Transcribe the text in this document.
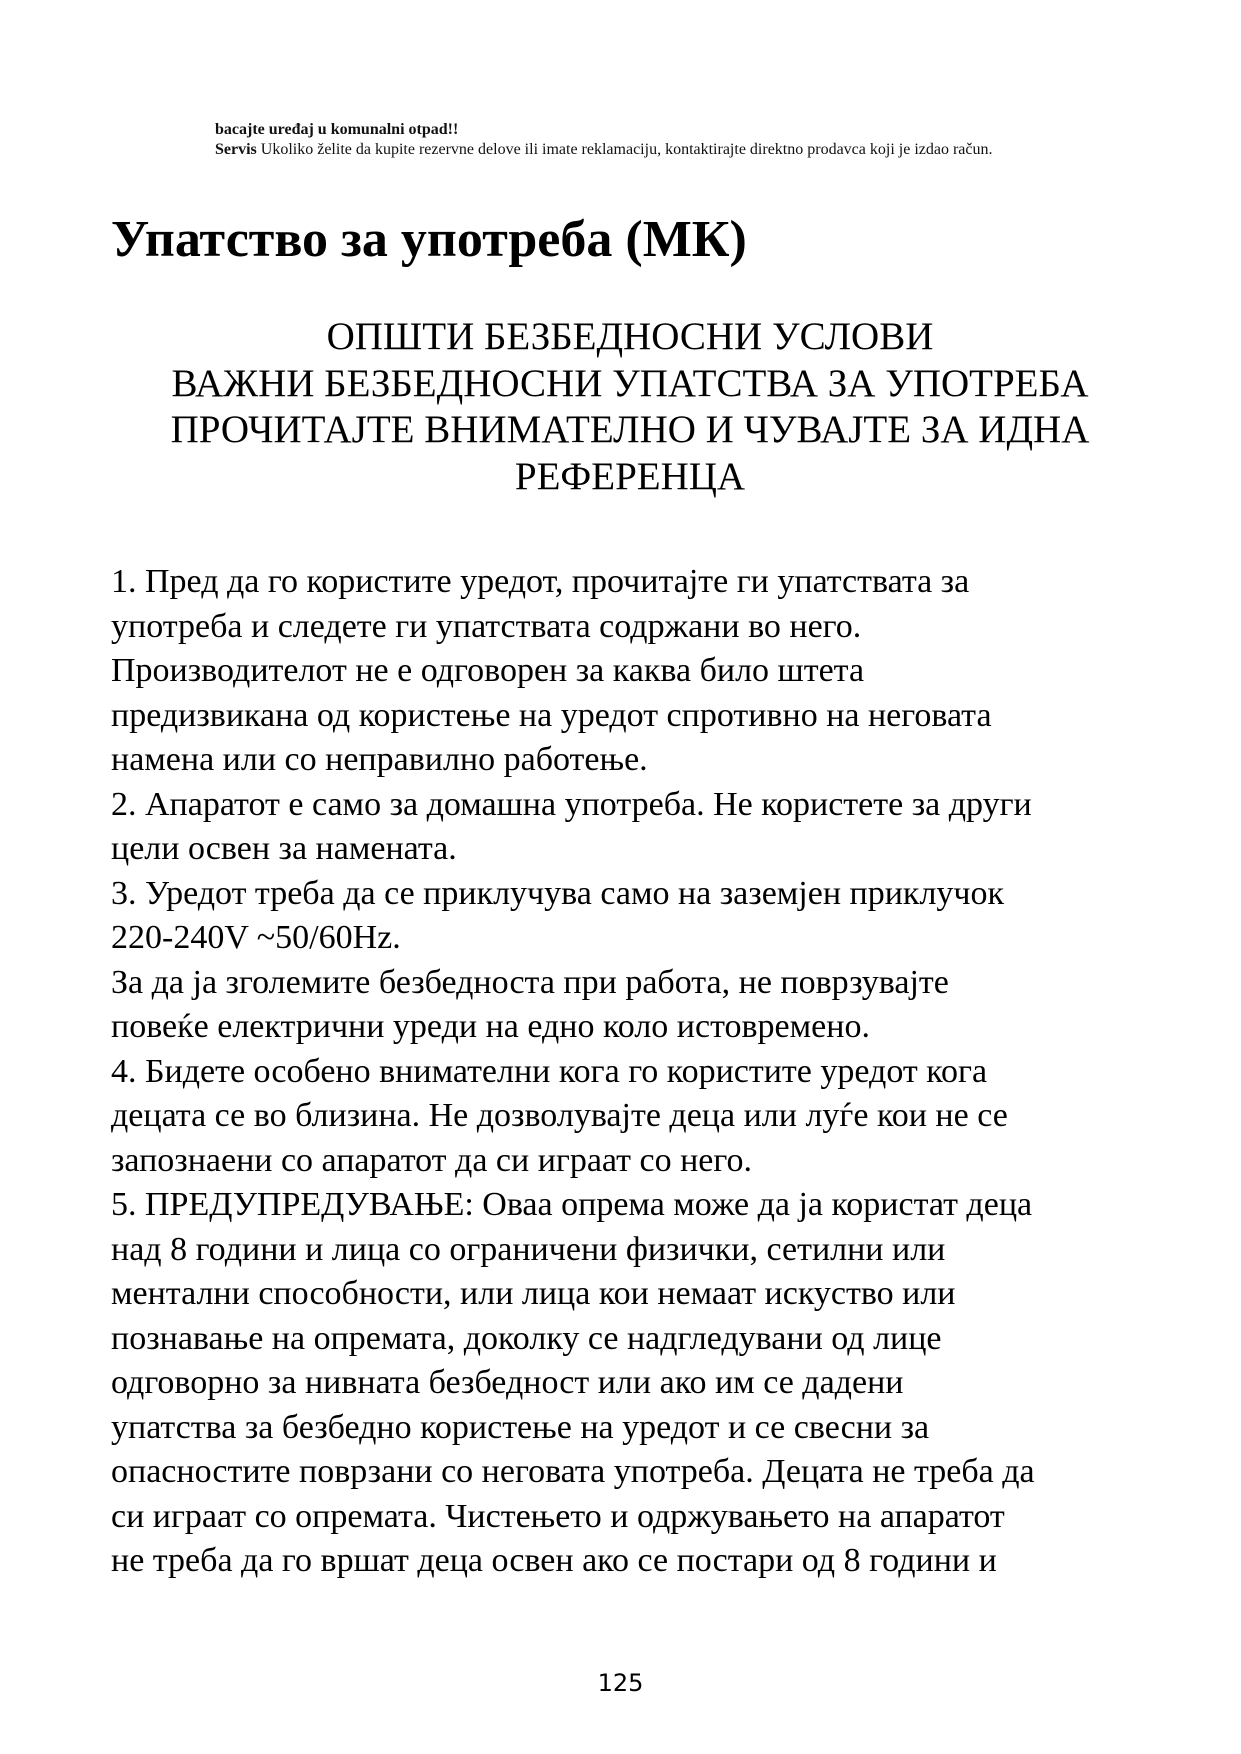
bacajte uređaj u komunalni otpad!!
Servis Ukoliko želite da kupite rezervne delove ili imate reklamaciju, kontaktirajte direktno prodavca koji je izdao račun.
Упатство за употреба (МК)
ОПШТИ БЕЗБЕДНОСНИ УСЛОВИ
ВАЖНИ БЕЗБЕДНОСНИ УПАТСТВА ЗА УПОТРЕБА
ПРОЧИТАЈТЕ ВНИМАТЕЛНО И ЧУВАЈТЕ ЗА ИДНА
РЕФЕРЕНЦА
1. Пред да го користите уредот, прочитајте ги упатствата за
употреба и следете ги упатствата содржани во него.
Производителот не е одговорен за каква било штета
предизвикана од користење на уредот спротивно на неговата
намена или со неправилно работење.
2. Апаратот е само за домашна употреба. Не користете за други
цели освен за намената.
3. Уредот треба да се приклучува само на заземјен приклучок
220-240V ~50/60Hz.
За да ја зголемите безбедноста при работа, не поврзувајте
повеќе електрични уреди на едно коло истовремено.
4. Бидете особено внимателни кога го користите уредот кога
децата се во близина. Не дозволувајте деца или луѓе кои не се
запознаени со апаратот да си играат со него.
5. ПРЕДУПРЕДУВАЊЕ: Оваа опрема може да ја користат деца
над 8 години и лица со ограничени физички, сетилни или
ментални способности, или лица кои немаат искуство или
познавање на опремата, доколку се надгледувани од лице
одговорно за нивната безбедност или ако им се дадени
упатства за безбедно користење на уредот и се свесни за
опасностите поврзани со неговата употреба. Децата не треба да
си играат со опремата. Чистењето и одржувањето на апаратот
не треба да го вршат деца освен ако се постари од 8 години и
125
